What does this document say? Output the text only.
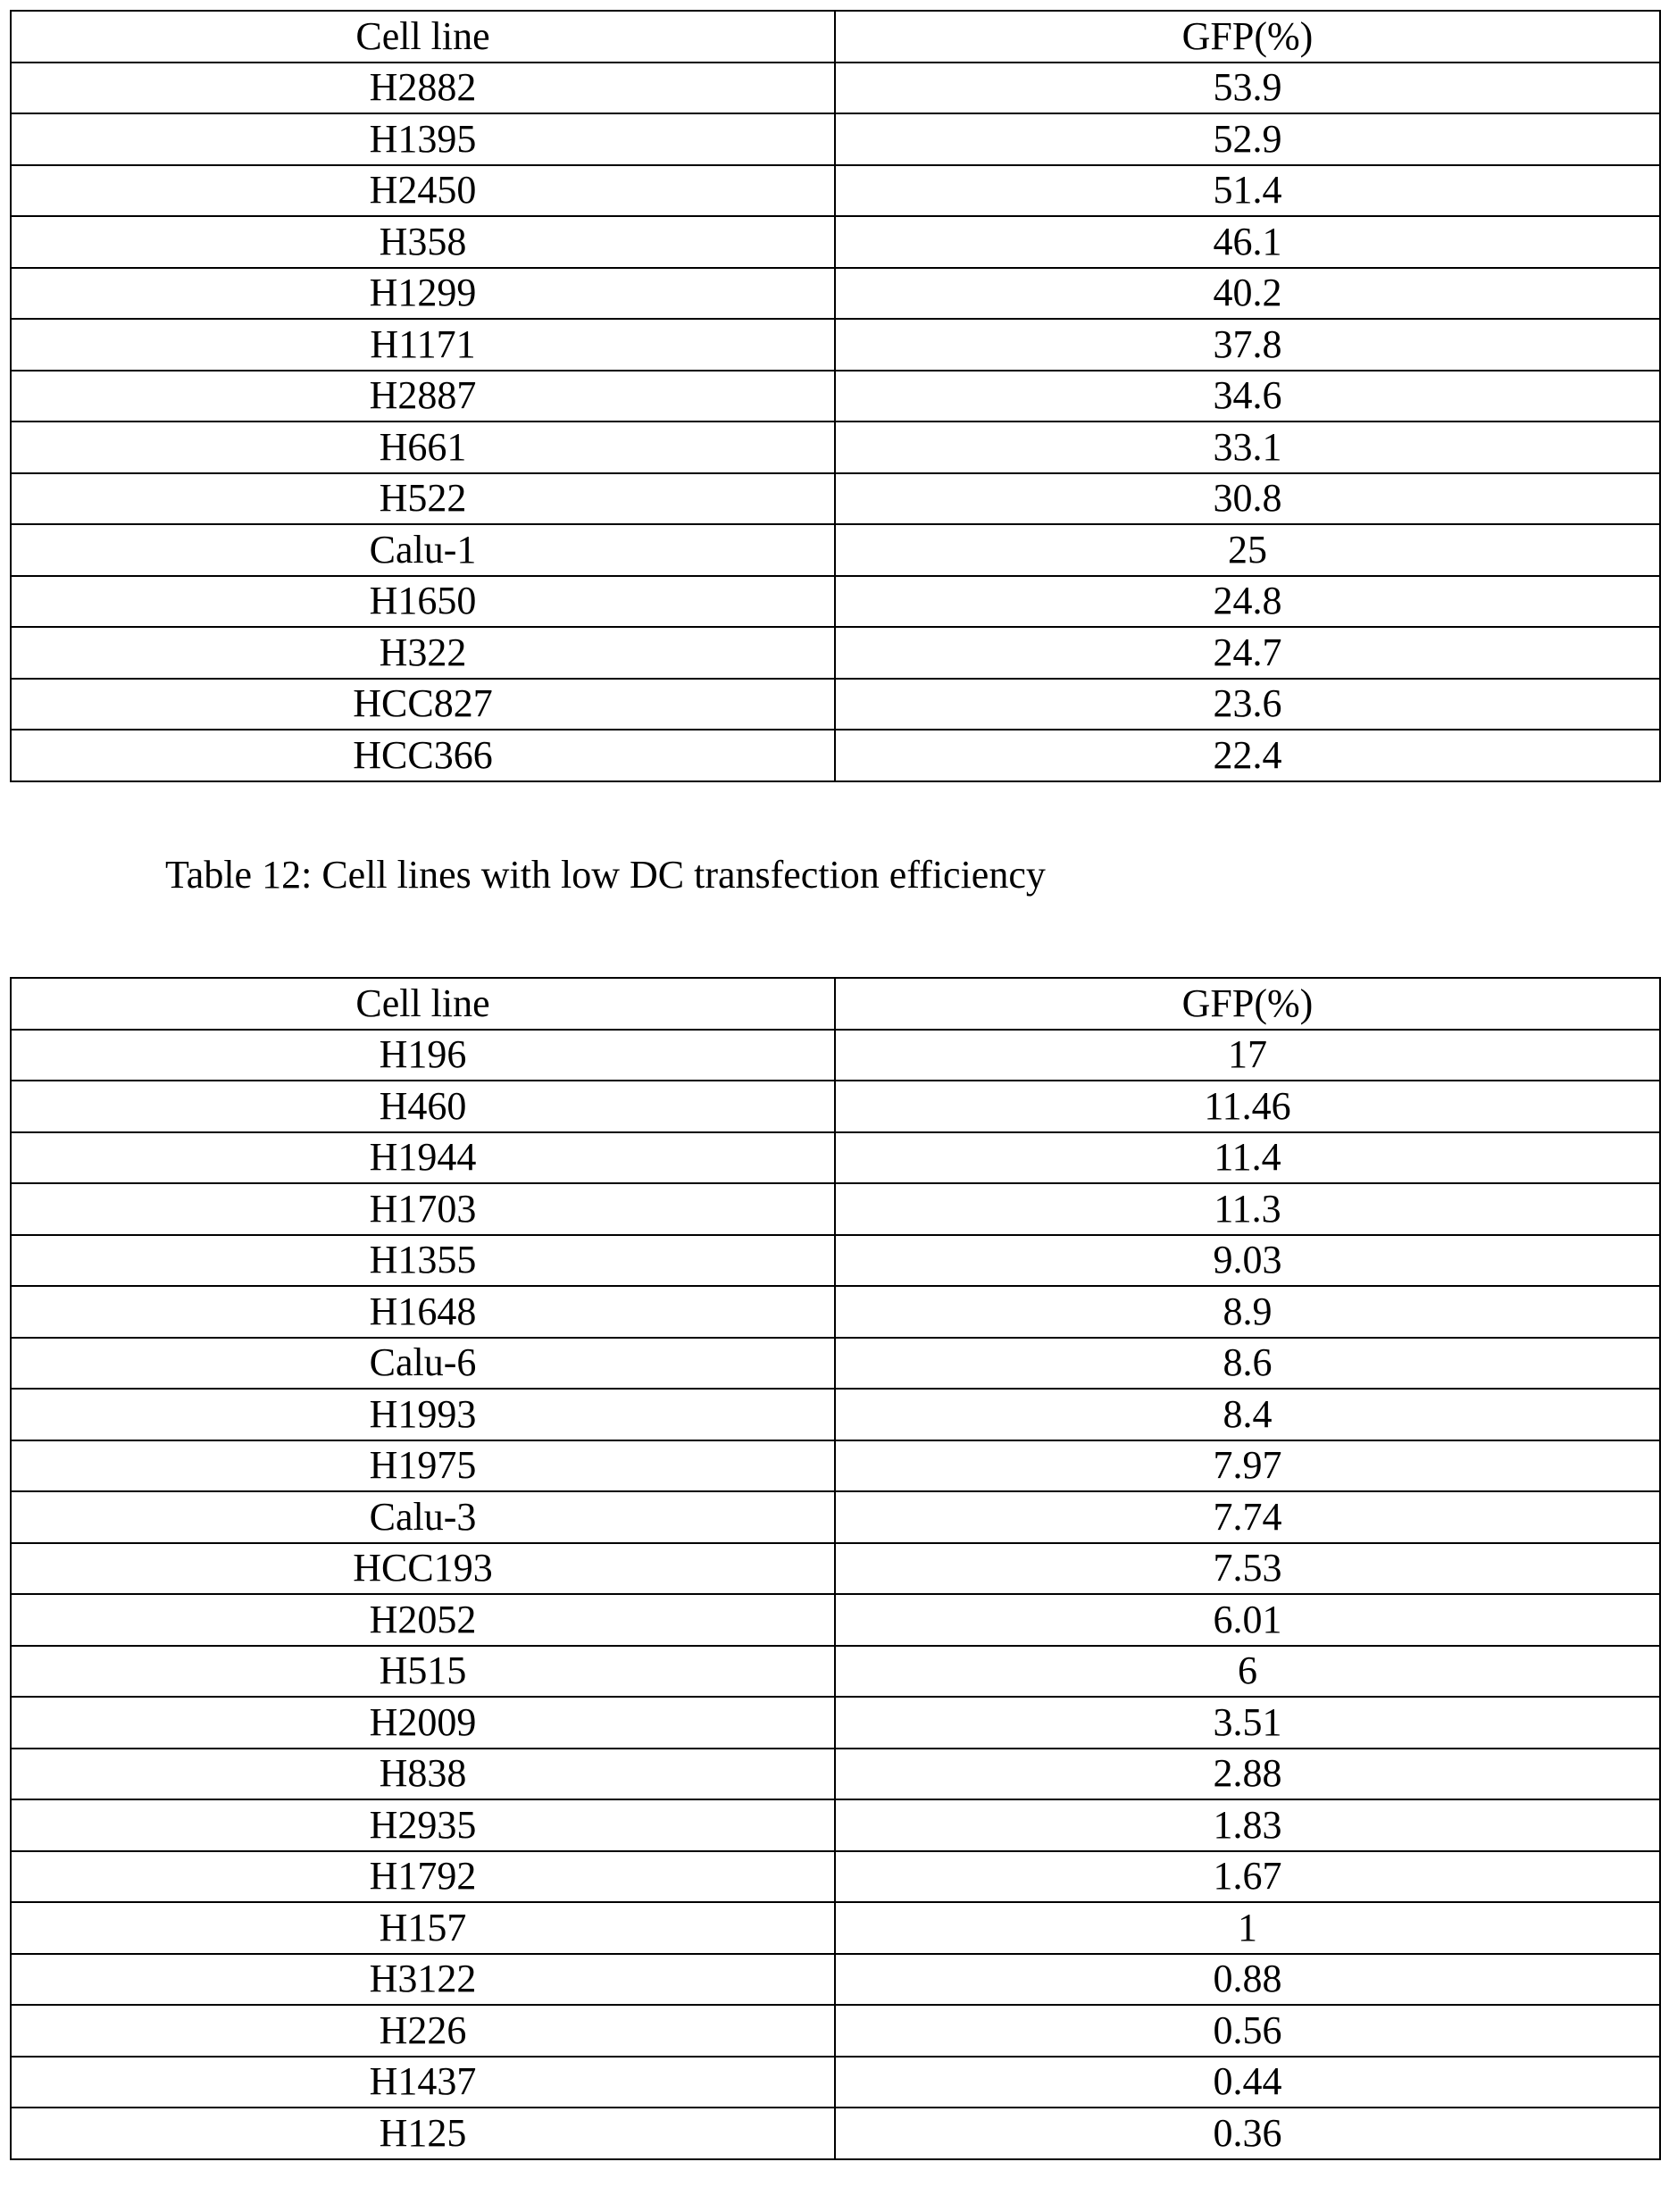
Cell line	GFP(%)
H2882	53.9
H1395	52.9
H2450	51.4
H358	46.1
H1299	40.2
H1171	37.8
H2887	34.6
H661	33.1
H522	30.8
Calu-1	25
H1650	24.8
H322	24.7
HCC827	23.6
HCC366	22.4
Table 12: Cell lines with low DC transfection efficiency
Cell line	GFP(%)
H196	17
H460	11.46
H1944	11.4
H1703	11.3
H1355	9.03
H1648	8.9
Calu-6	8.6
H1993	8.4
H1975	7.97
Calu-3	7.74
HCC193	7.53
H2052	6.01
H515	6
H2009	3.51
H838	2.88
H2935	1.83
H1792	1.67
H157	1
H3122	0.88
H226	0.56
H1437	0.44
H125	0.36
